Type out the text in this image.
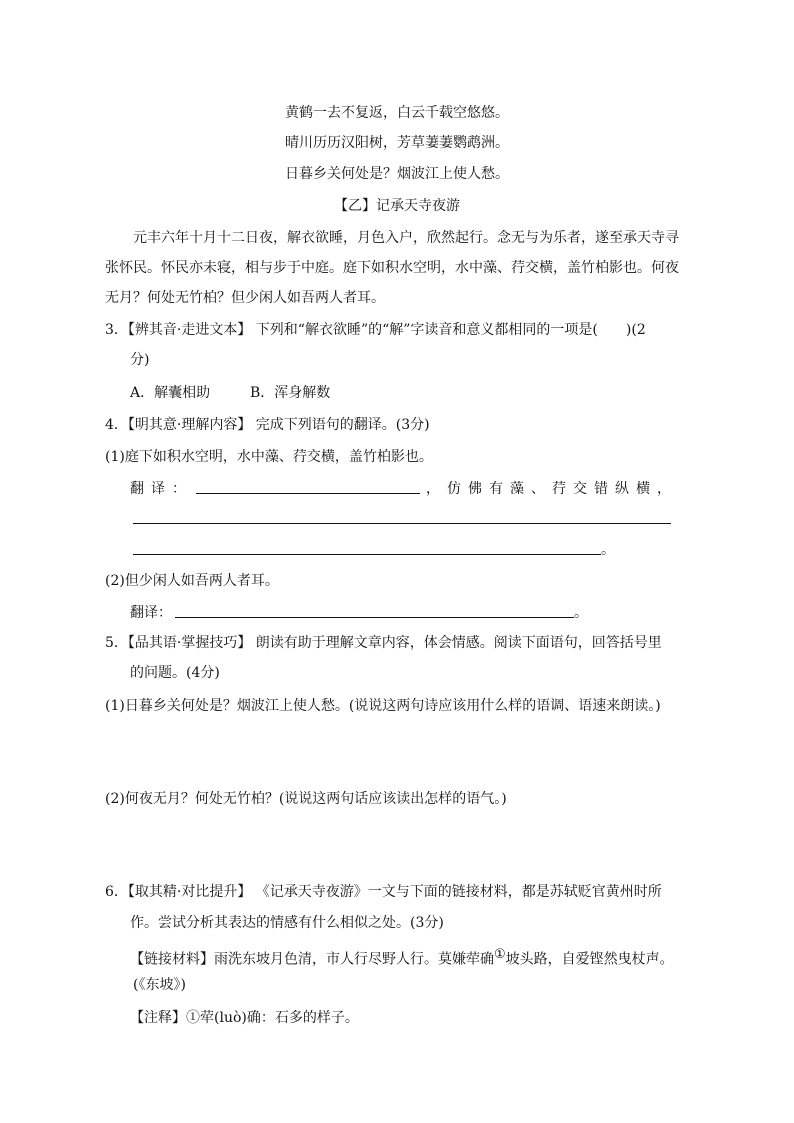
黄鹤一去不复返，白云千载空悠悠。
晴川历历汉阳树，芳草萋萋鹦鹉洲。
日暮乡关何处是？烟波江上使人愁。
【乙】记承天寺夜游
元丰六年十月十二日夜，解衣欲睡，月色入户，欣然起行。念无与为乐者，遂至承天寺寻
张怀民。怀民亦未寝，相与步于中庭。庭下如积水空明，水中藻、荇交横，盖竹柏影也。何夜
无月？何处无竹柏？但少闲人如吾两人者耳。
3．【辨其音·走进文本】 下列和“解衣欲睡”的“解”字读音和意义都相同的一项是(　　)(2
分)
A．解囊相助	B．浑身解数
4．【明其意·理解内容】 完成下列语句的翻译。(3分)
(1)庭下如积水空明，水中藻、荇交横，盖竹柏影也。
翻译：	，仿佛有藻、荇交错纵横，
。
(2)但少闲人如吾两人者耳。
翻译：	。
5．【品其语·掌握技巧】 朗读有助于理解文章内容，体会情感。阅读下面语句，回答括号里
的问题。(4分)
(1)日暮乡关何处是？烟波江上使人愁。(说说这两句诗应该用什么样的语调、语速来朗读。)
(2)何夜无月？何处无竹柏？(说说这两句话应该读出怎样的语气。)
6．【取其精·对比提升】 《记承天寺夜游》一文与下面的链接材料，都是苏轼贬官黄州时所
作。尝试分析其表达的情感有什么相似之处。(3分)
【链接材料】雨洗东坡月色清，市人行尽野人行。莫嫌荦确①坡头路，自爱铿然曳杖声。
(《东坡》)
【注释】①荦(luò)确：石多的样子。
